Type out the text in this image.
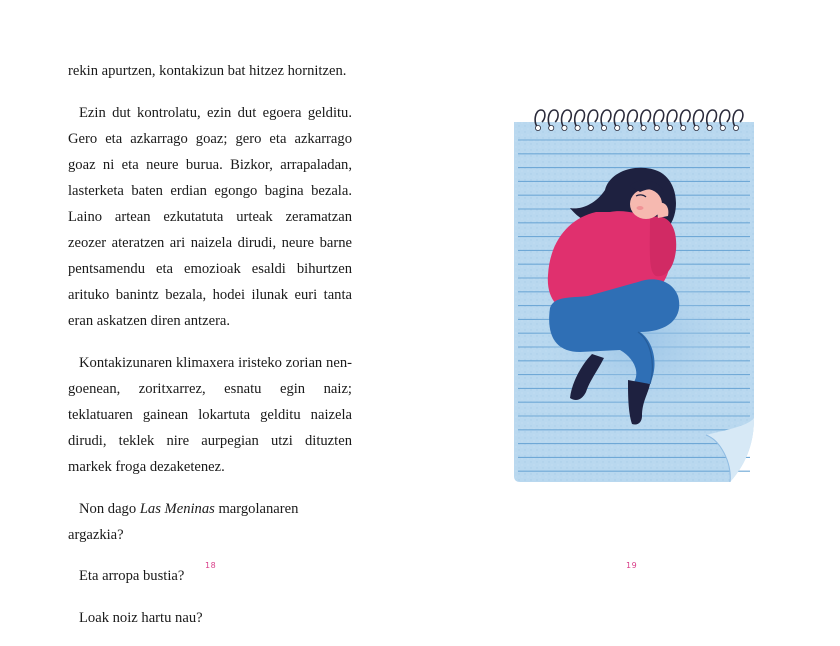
rekin apurtzen, kontakizun bat hitzez hornitzen.

Ezin dut kontrolatu, ezin dut egoera gelditu. Gero eta azkarrago goaz; gero eta azkarrago goaz ni eta neure burua. Bizkor, arrapaladan, lasterketa baten erdian egongo bagina bezala. Laino artean ezkutatuta urteak zeramatzan zeozer ateratzen ari naizela dirudi, neure barne pentsamendu eta emozioak esaldi bihurtzen arituko banintz bezala, hodei ilunak euri tanta eran askatzen diren antzera.

Kontakizunaren klimaxera iristeko zorian nengoenean, zoritxarrez, esnatu egin naiz; teklatuaren gainean lokartuta gelditu naizela dirudi, teklek nire aurpegian utzi dituzten markek froga dezaketenez.

Non dago Las Meninas margolanaren argazkia?

Eta arropa bustia?

Loak noiz hartu nau?

18	19
